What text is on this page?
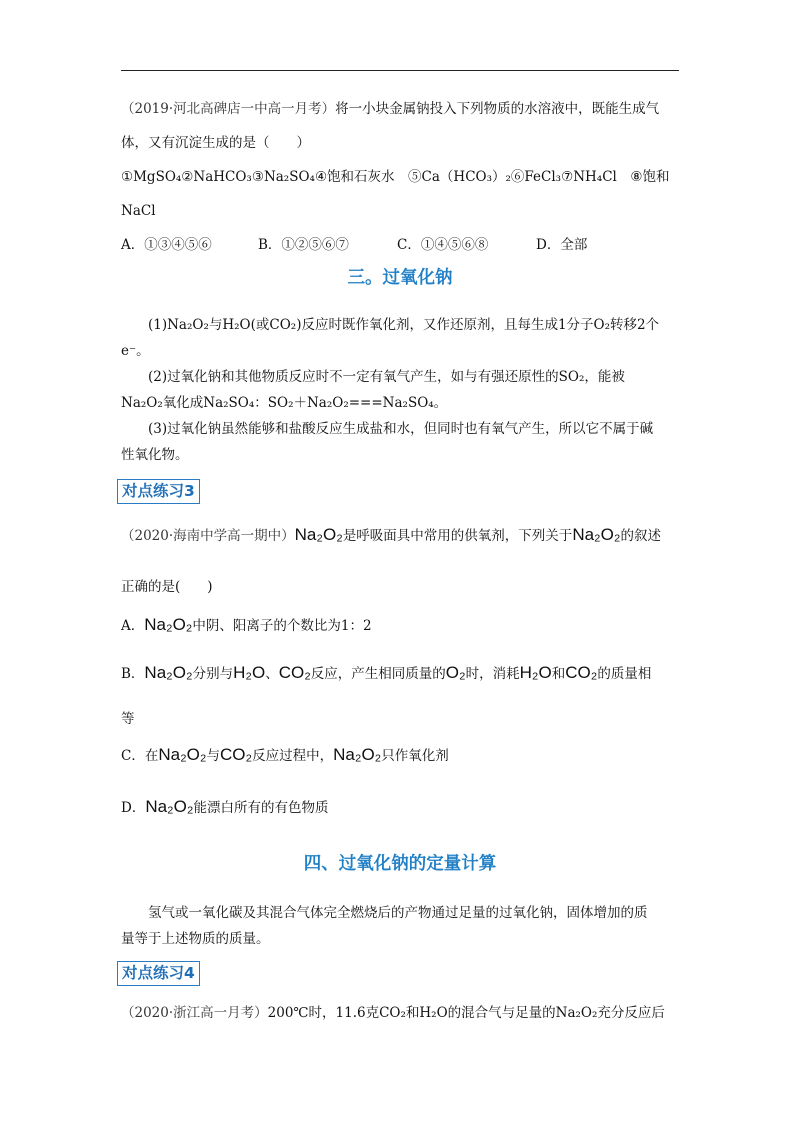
（2019·河北高碑店一中高一月考）将一小块金属钠投入下列物质的水溶液中，既能生成气

体，又有沉淀生成的是（　　）

①MgSO₄②NaHCO₃③Na₂SO₄④饱和石灰水　⑤Ca（HCO₃）₂⑥FeCl₃⑦NH₄Cl　⑧饱和

NaCl

A．①③④⑤⑥	B．①②⑤⑥⑦	C．①④⑤⑥⑧	D．全部

三。过氧化钠

(1)Na₂O₂与H₂O(或CO₂)反应时既作氧化剂，又作还原剂，且每生成1分子O₂转移2个

e⁻。

(2)过氧化钠和其他物质反应时不一定有氧气产生，如与有强还原性的SO₂，能被

Na₂O₂氧化成Na₂SO₄：SO₂＋Na₂O₂===Na₂SO₄。

(3)过氧化钠虽然能够和盐酸反应生成盐和水，但同时也有氧气产生，所以它不属于碱

性氧化物。

对点练习3
（2020·海南中学高一期中）Na₂O₂是呼吸面具中常用的供氧剂，下列关于Na₂O₂的叙述
正确的是(　　)
A．Na₂O₂中阴、阳离子的个数比为1：2
B．Na₂O₂分别与H₂O、CO₂反应，产生相同质量的O₂时，消耗H₂O和CO₂的质量相
等
C．在Na₂O₂与CO₂反应过程中，Na₂O₂只作氧化剂
D．Na₂O₂能漂白所有的有色物质
四、过氧化钠的定量计算

氢气或一氧化碳及其混合气体完全燃烧后的产物通过足量的过氧化钠，固体增加的质

量等于上述物质的质量。

对点练习4
（2020·浙江高一月考）200℃时，11.6克CO₂和H₂O的混合气与足量的Na₂O₂充分反应后
